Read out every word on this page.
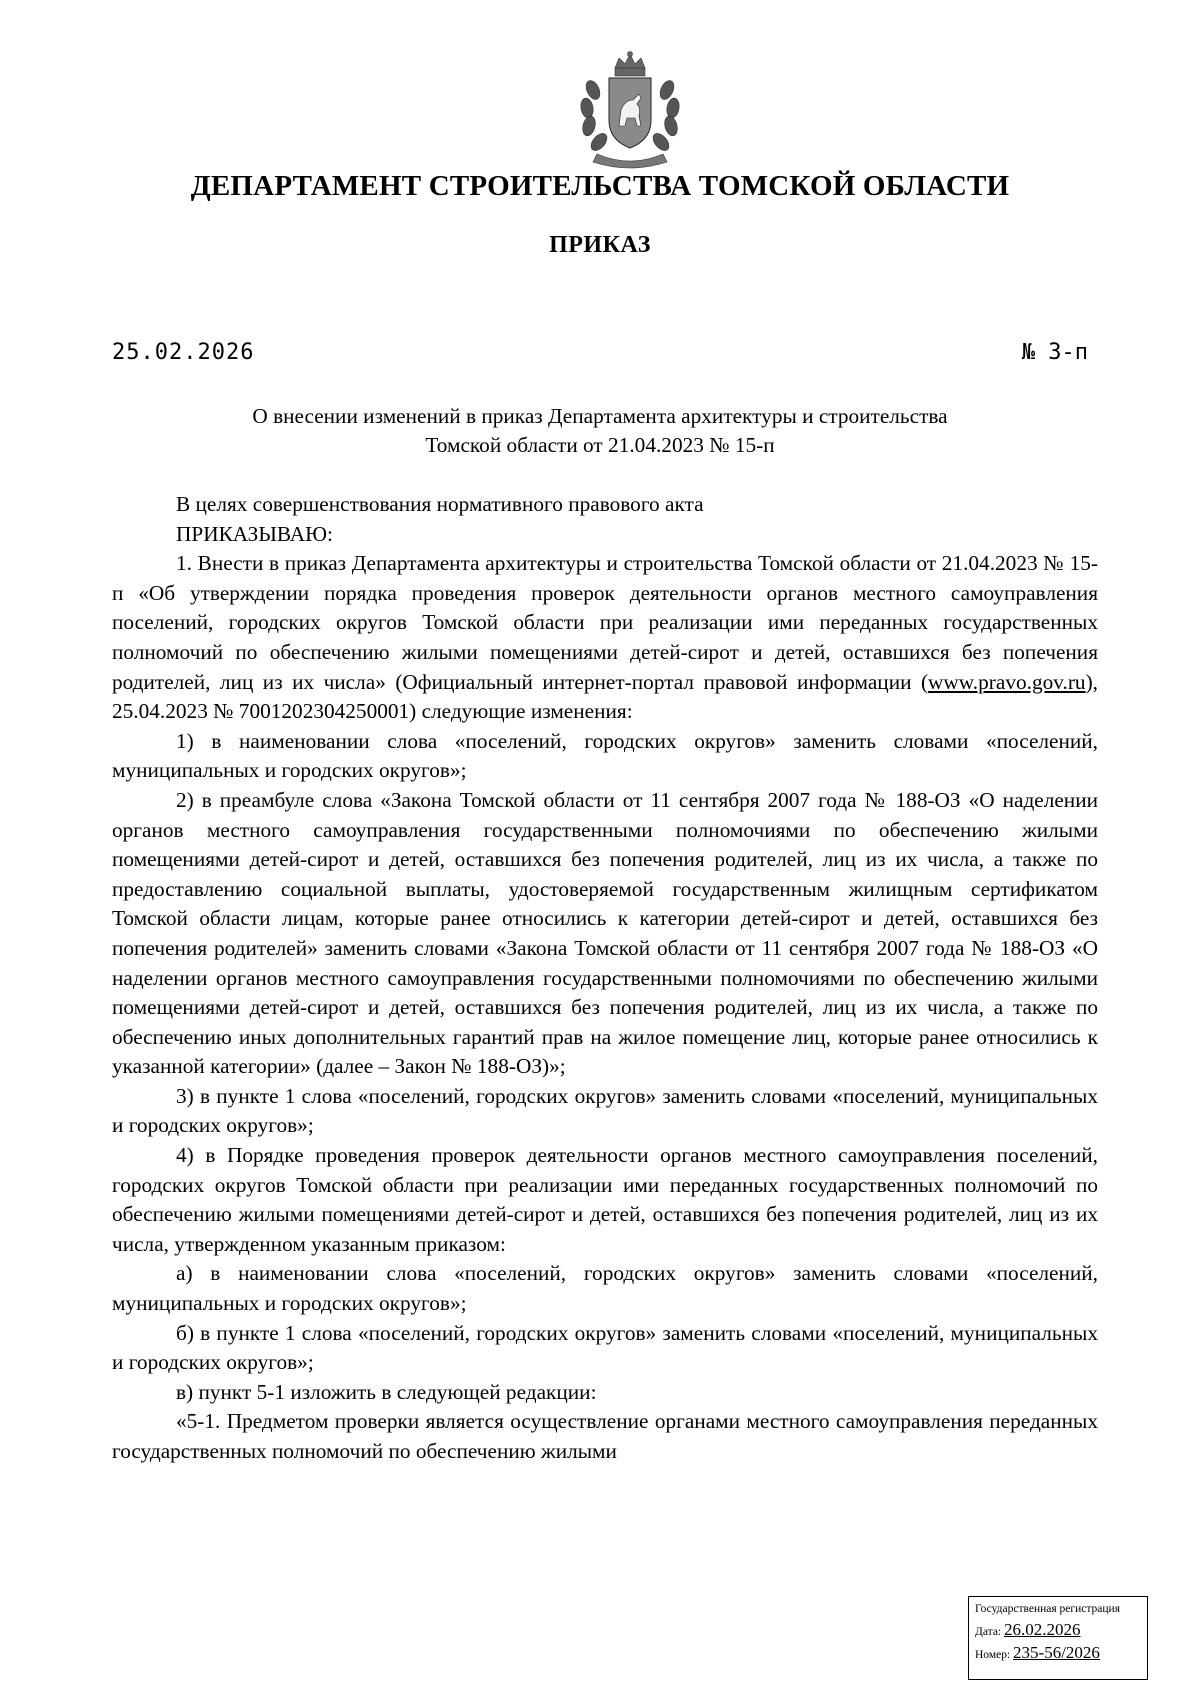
ДЕПАРТАМЕНТ СТРОИТЕЛЬСТВА ТОМСКОЙ ОБЛАСТИ
ПРИКАЗ
25.02.2026	№ 3-п
О внесении изменений в приказ Департамента архитектуры и строительства
Томской области от 21.04.2023 № 15-п

В целях совершенствования нормативного правового акта

ПРИКАЗЫВАЮ:

1. Внести в приказ Департамента архитектуры и строительства Томской области от 21.04.2023 № 15-п «Об утверждении порядка проведения проверок деятельности органов местного самоуправления поселений, городских округов Томской области при реализации ими переданных государственных полномочий по обеспечению жилыми помещениями детей-сирот и детей, оставшихся без попечения родителей, лиц из их числа» (Официальный интернет-портал правовой информации (www.pravo.gov.ru), 25.04.2023 № 7001202304250001) следующие изменения:

1) в наименовании слова «поселений, городских округов» заменить словами «поселений, муниципальных и городских округов»;

2) в преамбуле слова «Закона Томской области от 11 сентября 2007 года № 188-ОЗ «О наделении органов местного самоуправления государственными полномочиями по обеспечению жилыми помещениями детей-сирот и детей, оставшихся без попечения родителей, лиц из их числа, а также по предоставлению социальной выплаты, удостоверяемой государственным жилищным сертификатом Томской области лицам, которые ранее относились к категории детей-сирот и детей, оставшихся без попечения родителей» заменить словами «Закона Томской области от 11 сентября 2007 года № 188-ОЗ «О наделении органов местного самоуправления государственными полномочиями по обеспечению жилыми помещениями детей-сирот и детей, оставшихся без попечения родителей, лиц из их числа, а также по обеспечению иных дополнительных гарантий прав на жилое помещение лиц, которые ранее относились к указанной категории» (далее – Закон № 188-ОЗ)»;

3) в пункте 1 слова «поселений, городских округов» заменить словами «поселений, муниципальных и городских округов»;

4) в Порядке проведения проверок деятельности органов местного самоуправления поселений, городских округов Томской области при реализации ими переданных государственных полномочий по обеспечению жилыми помещениями детей-сирот и детей, оставшихся без попечения родителей, лиц из их числа, утвержденном указанным приказом:

а) в наименовании слова «поселений, городских округов» заменить словами «поселений, муниципальных и городских округов»;

б) в пункте 1 слова «поселений, городских округов» заменить словами «поселений, муниципальных и городских округов»;

в) пункт 5-1 изложить в следующей редакции:

«5-1. Предметом проверки является осуществление органами местного самоуправления переданных государственных полномочий по обеспечению жилыми

Государственная регистрация
Дата: 26.02.2026
Номер: 235-56/2026
